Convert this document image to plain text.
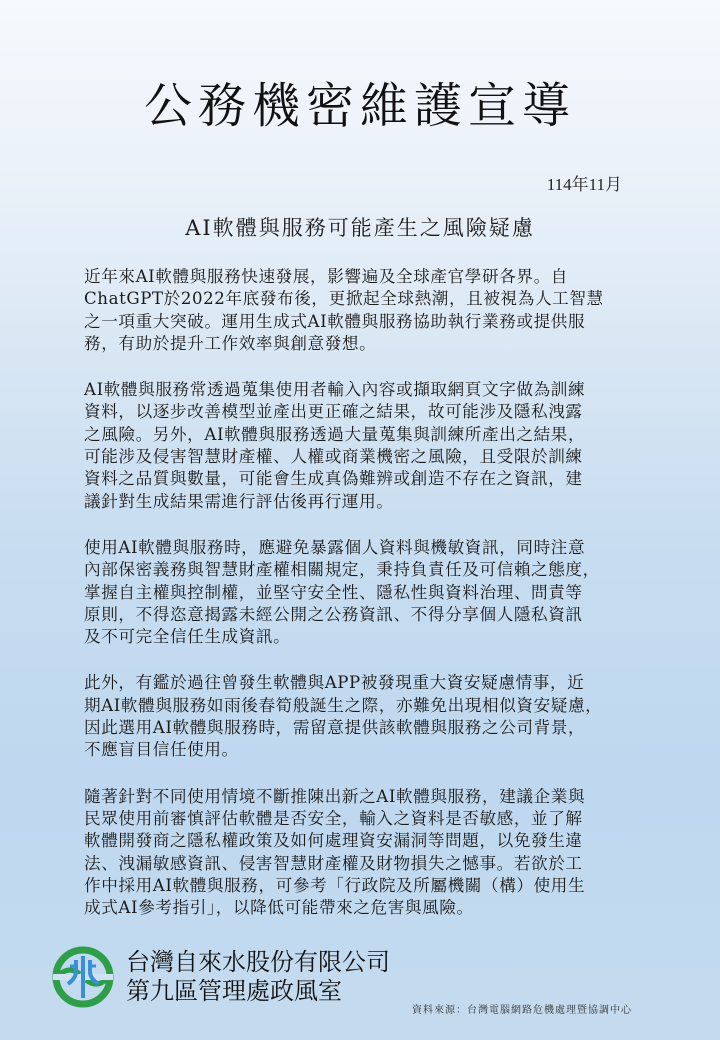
公務機密維護宣導
114年11月
AI軟體與服務可能產生之風險疑慮

近年來AI軟體與服務快速發展，影響遍及全球產官學研各界。自
ChatGPT於2022年底發布後，更掀起全球熱潮，且被視為人工智慧
之一項重大突破。運用生成式AI軟體與服務協助執行業務或提供服
務，有助於提升工作效率與創意發想。

AI軟體與服務常透過蒐集使用者輸入內容或擷取網頁文字做為訓練
資料，以逐步改善模型並產出更正確之結果，故可能涉及隱私洩露
之風險。另外，AI軟體與服務透過大量蒐集與訓練所產出之結果，
可能涉及侵害智慧財產權、人權或商業機密之風險，且受限於訓練
資料之品質與數量，可能會生成真偽難辨或創造不存在之資訊，建
議針對生成結果需進行評估後再行運用。

使用AI軟體與服務時，應避免暴露個人資料與機敏資訊，同時注意
內部保密義務與智慧財產權相關規定，秉持負責任及可信賴之態度，
掌握自主權與控制權，並堅守安全性、隱私性與資料治理、問責等
原則，不得恣意揭露未經公開之公務資訊、不得分享個人隱私資訊
及不可完全信任生成資訊。

此外，有鑑於過往曾發生軟體與APP被發現重大資安疑慮情事，近
期AI軟體與服務如雨後春筍般誕生之際，亦難免出現相似資安疑慮，
因此選用AI軟體與服務時，需留意提供該軟體與服務之公司背景，
不應盲目信任使用。

隨著針對不同使用情境不斷推陳出新之AI軟體與服務，建議企業與
民眾使用前審慎評估軟體是否安全，輸入之資料是否敏感，並了解
軟體開發商之隱私權政策及如何處理資安漏洞等問題，以免發生違
法、洩漏敏感資訊、侵害智慧財產權及財物損失之憾事。若欲於工
作中採用AI軟體與服務，可參考「行政院及所屬機關（構）使用生
成式AI參考指引」，以降低可能帶來之危害與風險。

台灣自來水股份有限公司
第九區管理處政風室
資料來源：台灣電腦網路危機處理暨協調中心
